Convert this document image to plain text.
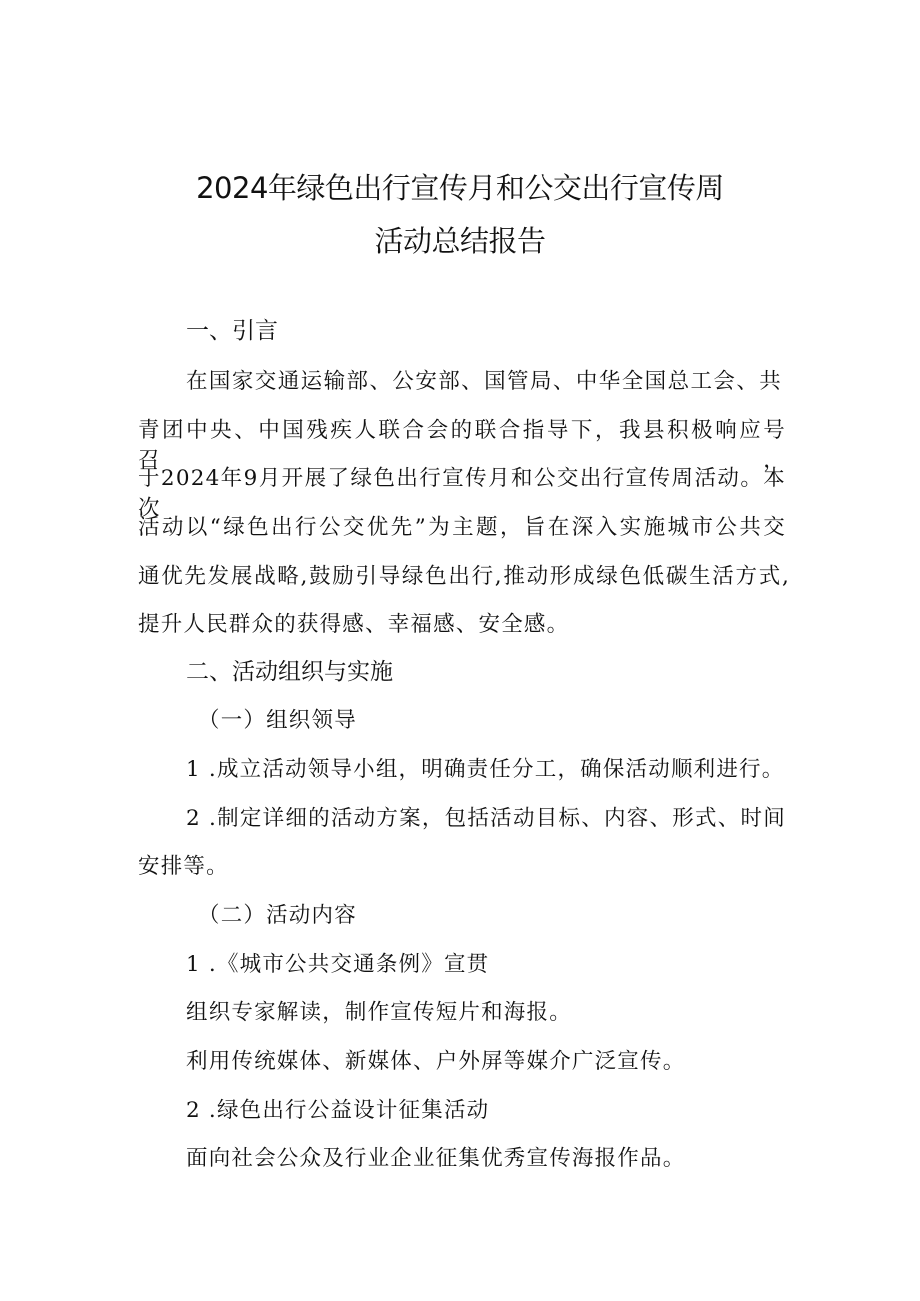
2024年绿色出行宣传月和公交出行宣传周
活动总结报告
一、引言
在国家交通运输部、公安部、国管局、中华全国总工会、共
青团中央、中国残疾人联合会的联合指导下，我县积极响应号召，
于2024年9月开展了绿色出行宣传月和公交出行宣传周活动。本次
活动以“绿色出行公交优先”为主题，旨在深入实施城市公共交
通优先发展战略,鼓励引导绿色出行,推动形成绿色低碳生活方式,
提升人民群众的获得感、幸福感、安全感。
二、活动组织与实施
（一）组织领导
1 .成立活动领导小组，明确责任分工，确保活动顺利进行。
2 .制定详细的活动方案，包括活动目标、内容、形式、时间
安排等。
（二）活动内容
1 .《城市公共交通条例》宣贯
组织专家解读，制作宣传短片和海报。
利用传统媒体、新媒体、户外屏等媒介广泛宣传。
2 .绿色出行公益设计征集活动
面向社会公众及行业企业征集优秀宣传海报作品。
